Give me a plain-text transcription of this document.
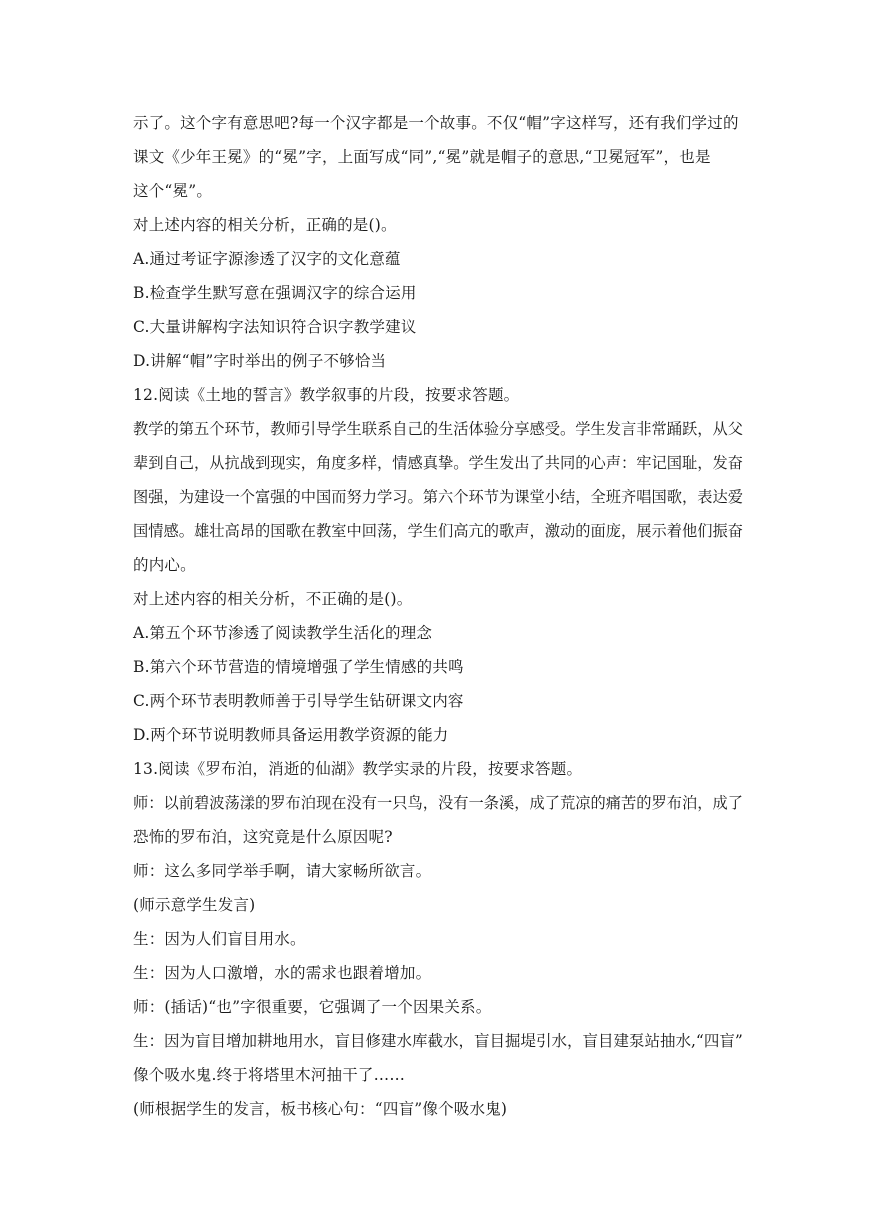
示了。这个字有意思吧?每一个汉字都是一个故事。不仅“帽”字这样写，还有我们学过的
课文《少年王冕》的“冕”字，上面写成“同”,“冕”就是帽子的意思,“卫冕冠军”，也是
这个“冕”。
对上述内容的相关分析，正确的是()。
A.通过考证字源渗透了汉字的文化意蕴
B.检查学生默写意在强调汉字的综合运用
C.大量讲解构字法知识符合识字教学建议
D.讲解“帽”字时举出的例子不够恰当
12.阅读《土地的誓言》教学叙事的片段，按要求答题。
教学的第五个环节，教师引导学生联系自己的生活体验分享感受。学生发言非常踊跃，从父
辈到自己，从抗战到现实，角度多样，情感真挚。学生发出了共同的心声：牢记国耻，发奋
图强，为建设一个富强的中国而努力学习。第六个环节为课堂小结，全班齐唱国歌，表达爱
国情感。雄壮高昂的国歌在教室中回荡，学生们高亢的歌声，激动的面庞，展示着他们振奋
的内心。
对上述内容的相关分析，不正确的是()。
A.第五个环节渗透了阅读教学生活化的理念
B.第六个环节营造的情境增强了学生情感的共鸣
C.两个环节表明教师善于引导学生钻研课文内容
D.两个环节说明教师具备运用教学资源的能力
13.阅读《罗布泊，消逝的仙湖》教学实录的片段，按要求答题。
师：以前碧波荡漾的罗布泊现在没有一只鸟，没有一条溪，成了荒凉的痛苦的罗布泊，成了
恐怖的罗布泊，这究竟是什么原因呢?
师：这么多同学举手啊，请大家畅所欲言。
(师示意学生发言)
生：因为人们盲目用水。
生：因为人口激增，水的需求也跟着增加。
师：(插话)“也”字很重要，它强调了一个因果关系。
生：因为盲目增加耕地用水，盲目修建水库截水，盲目掘堤引水，盲目建泵站抽水,“四盲”
像个吸水鬼.终于将塔里木河抽干了……
(师根据学生的发言，板书核心句：“四盲”像个吸水鬼)
